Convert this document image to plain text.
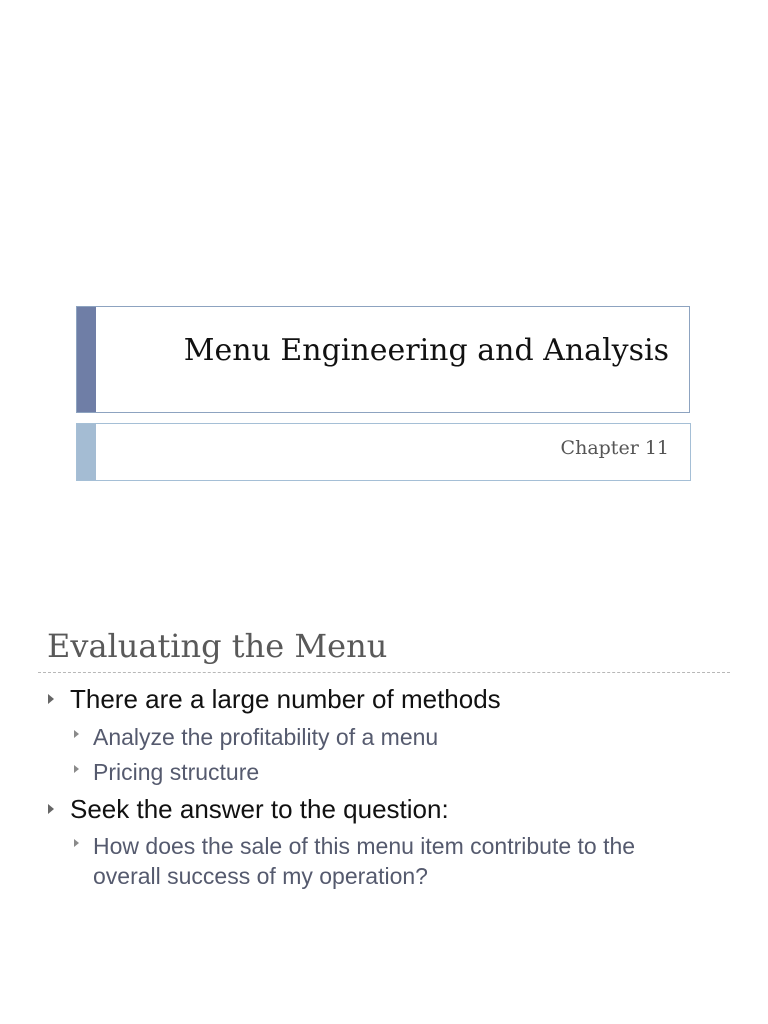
Menu Engineering and Analysis
Chapter 11
Evaluating the Menu
There are a large number of methods
Analyze the profitability of a menu
Pricing structure
Seek the answer to the question:
How does the sale of this menu item contribute to the overall success of my operation?
